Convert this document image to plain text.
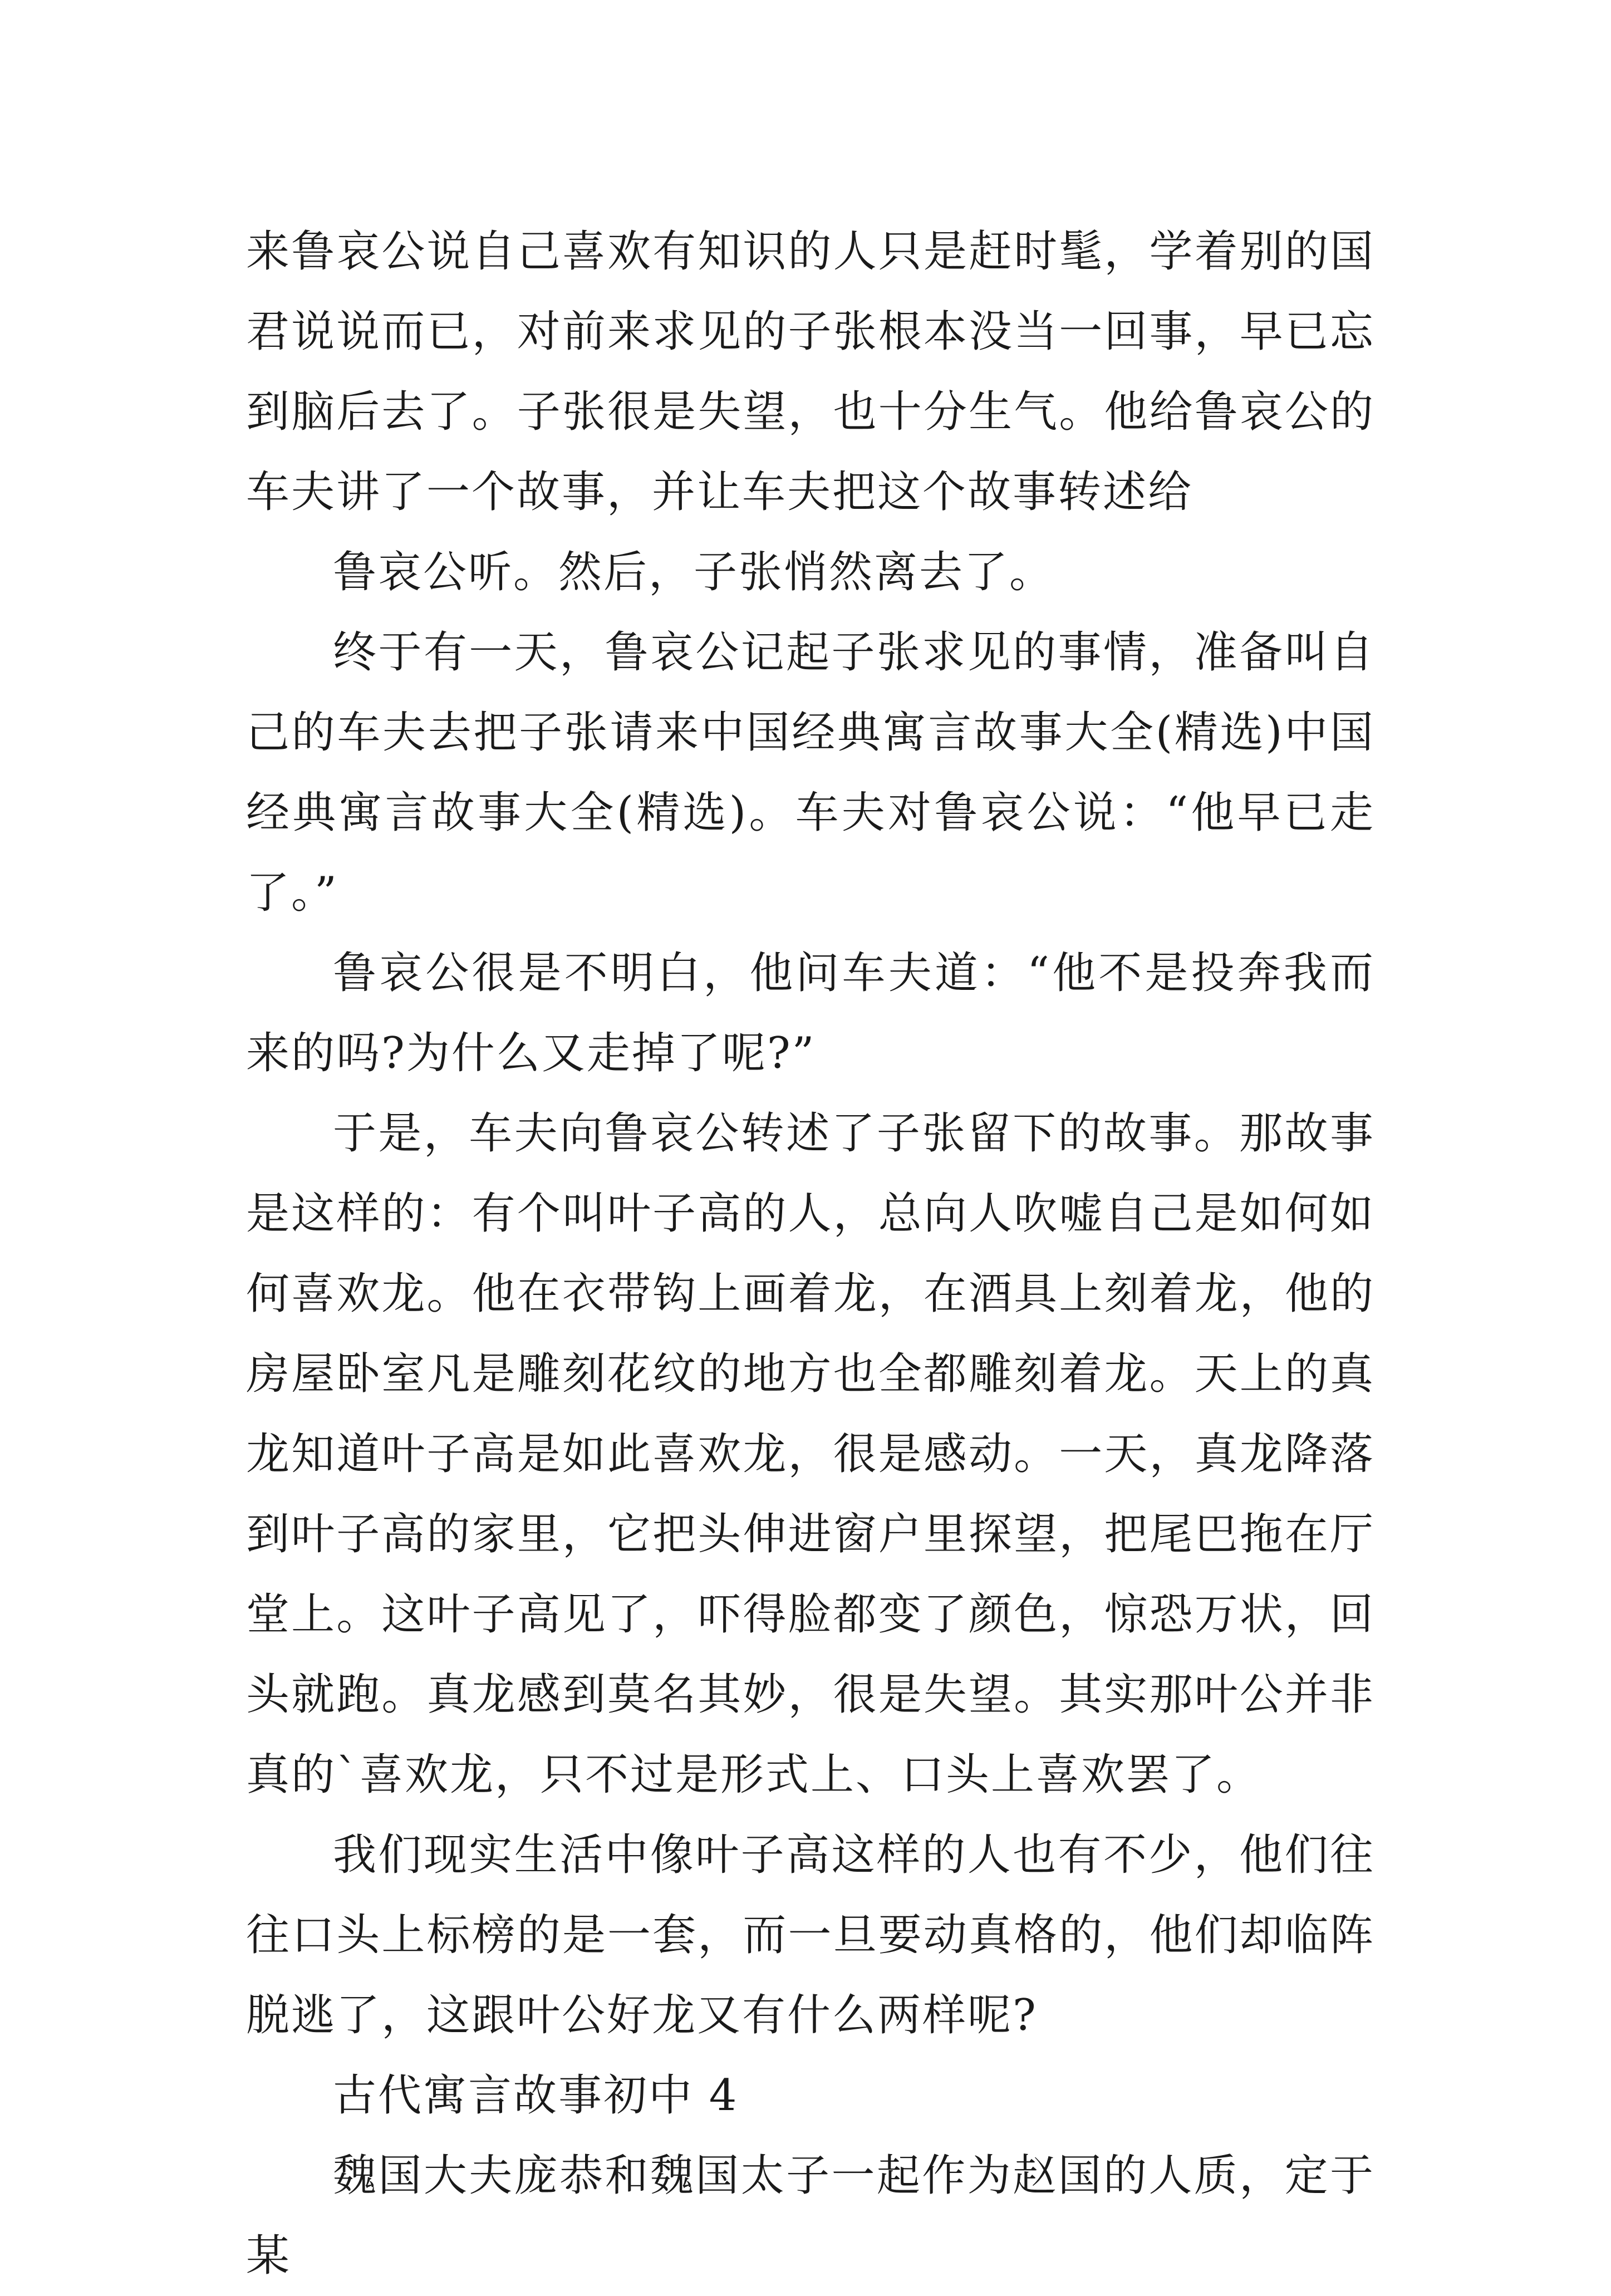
来鲁哀公说自己喜欢有知识的人只是赶时髦，学着别的国君说说而已，对前来求见的子张根本没当一回事，早已忘到脑后去了。子张很是失望，也十分生气。他给鲁哀公的车夫讲了一个故事，并让车夫把这个故事转述给

鲁哀公听。然后，子张悄然离去了。

终于有一天，鲁哀公记起子张求见的事情，准备叫自己的车夫去把子张请来中国经典寓言故事大全(精选)中国经典寓言故事大全(精选)。车夫对鲁哀公说：“他早已走了。”

鲁哀公很是不明白，他问车夫道：“他不是投奔我而来的吗?为什么又走掉了呢?”

于是，车夫向鲁哀公转述了子张留下的故事。那故事是这样的：有个叫叶子高的人，总向人吹嘘自己是如何如何喜欢龙。他在衣带钩上画着龙，在酒具上刻着龙，他的房屋卧室凡是雕刻花纹的地方也全都雕刻着龙。天上的真龙知道叶子高是如此喜欢龙，很是感动。一天，真龙降落到叶子高的家里，它把头伸进窗户里探望，把尾巴拖在厅堂上。这叶子高见了，吓得脸都变了颜色，惊恐万状，回头就跑。真龙感到莫名其妙，很是失望。其实那叶公并非真的`喜欢龙，只不过是形式上、口头上喜欢罢了。

我们现实生活中像叶子高这样的人也有不少，他们往往口头上标榜的是一套，而一旦要动真格的，他们却临阵脱逃了，这跟叶公好龙又有什么两样呢?

古代寓言故事初中 4

魏国大夫庞恭和魏国太子一起作为赵国的人质，定于某
